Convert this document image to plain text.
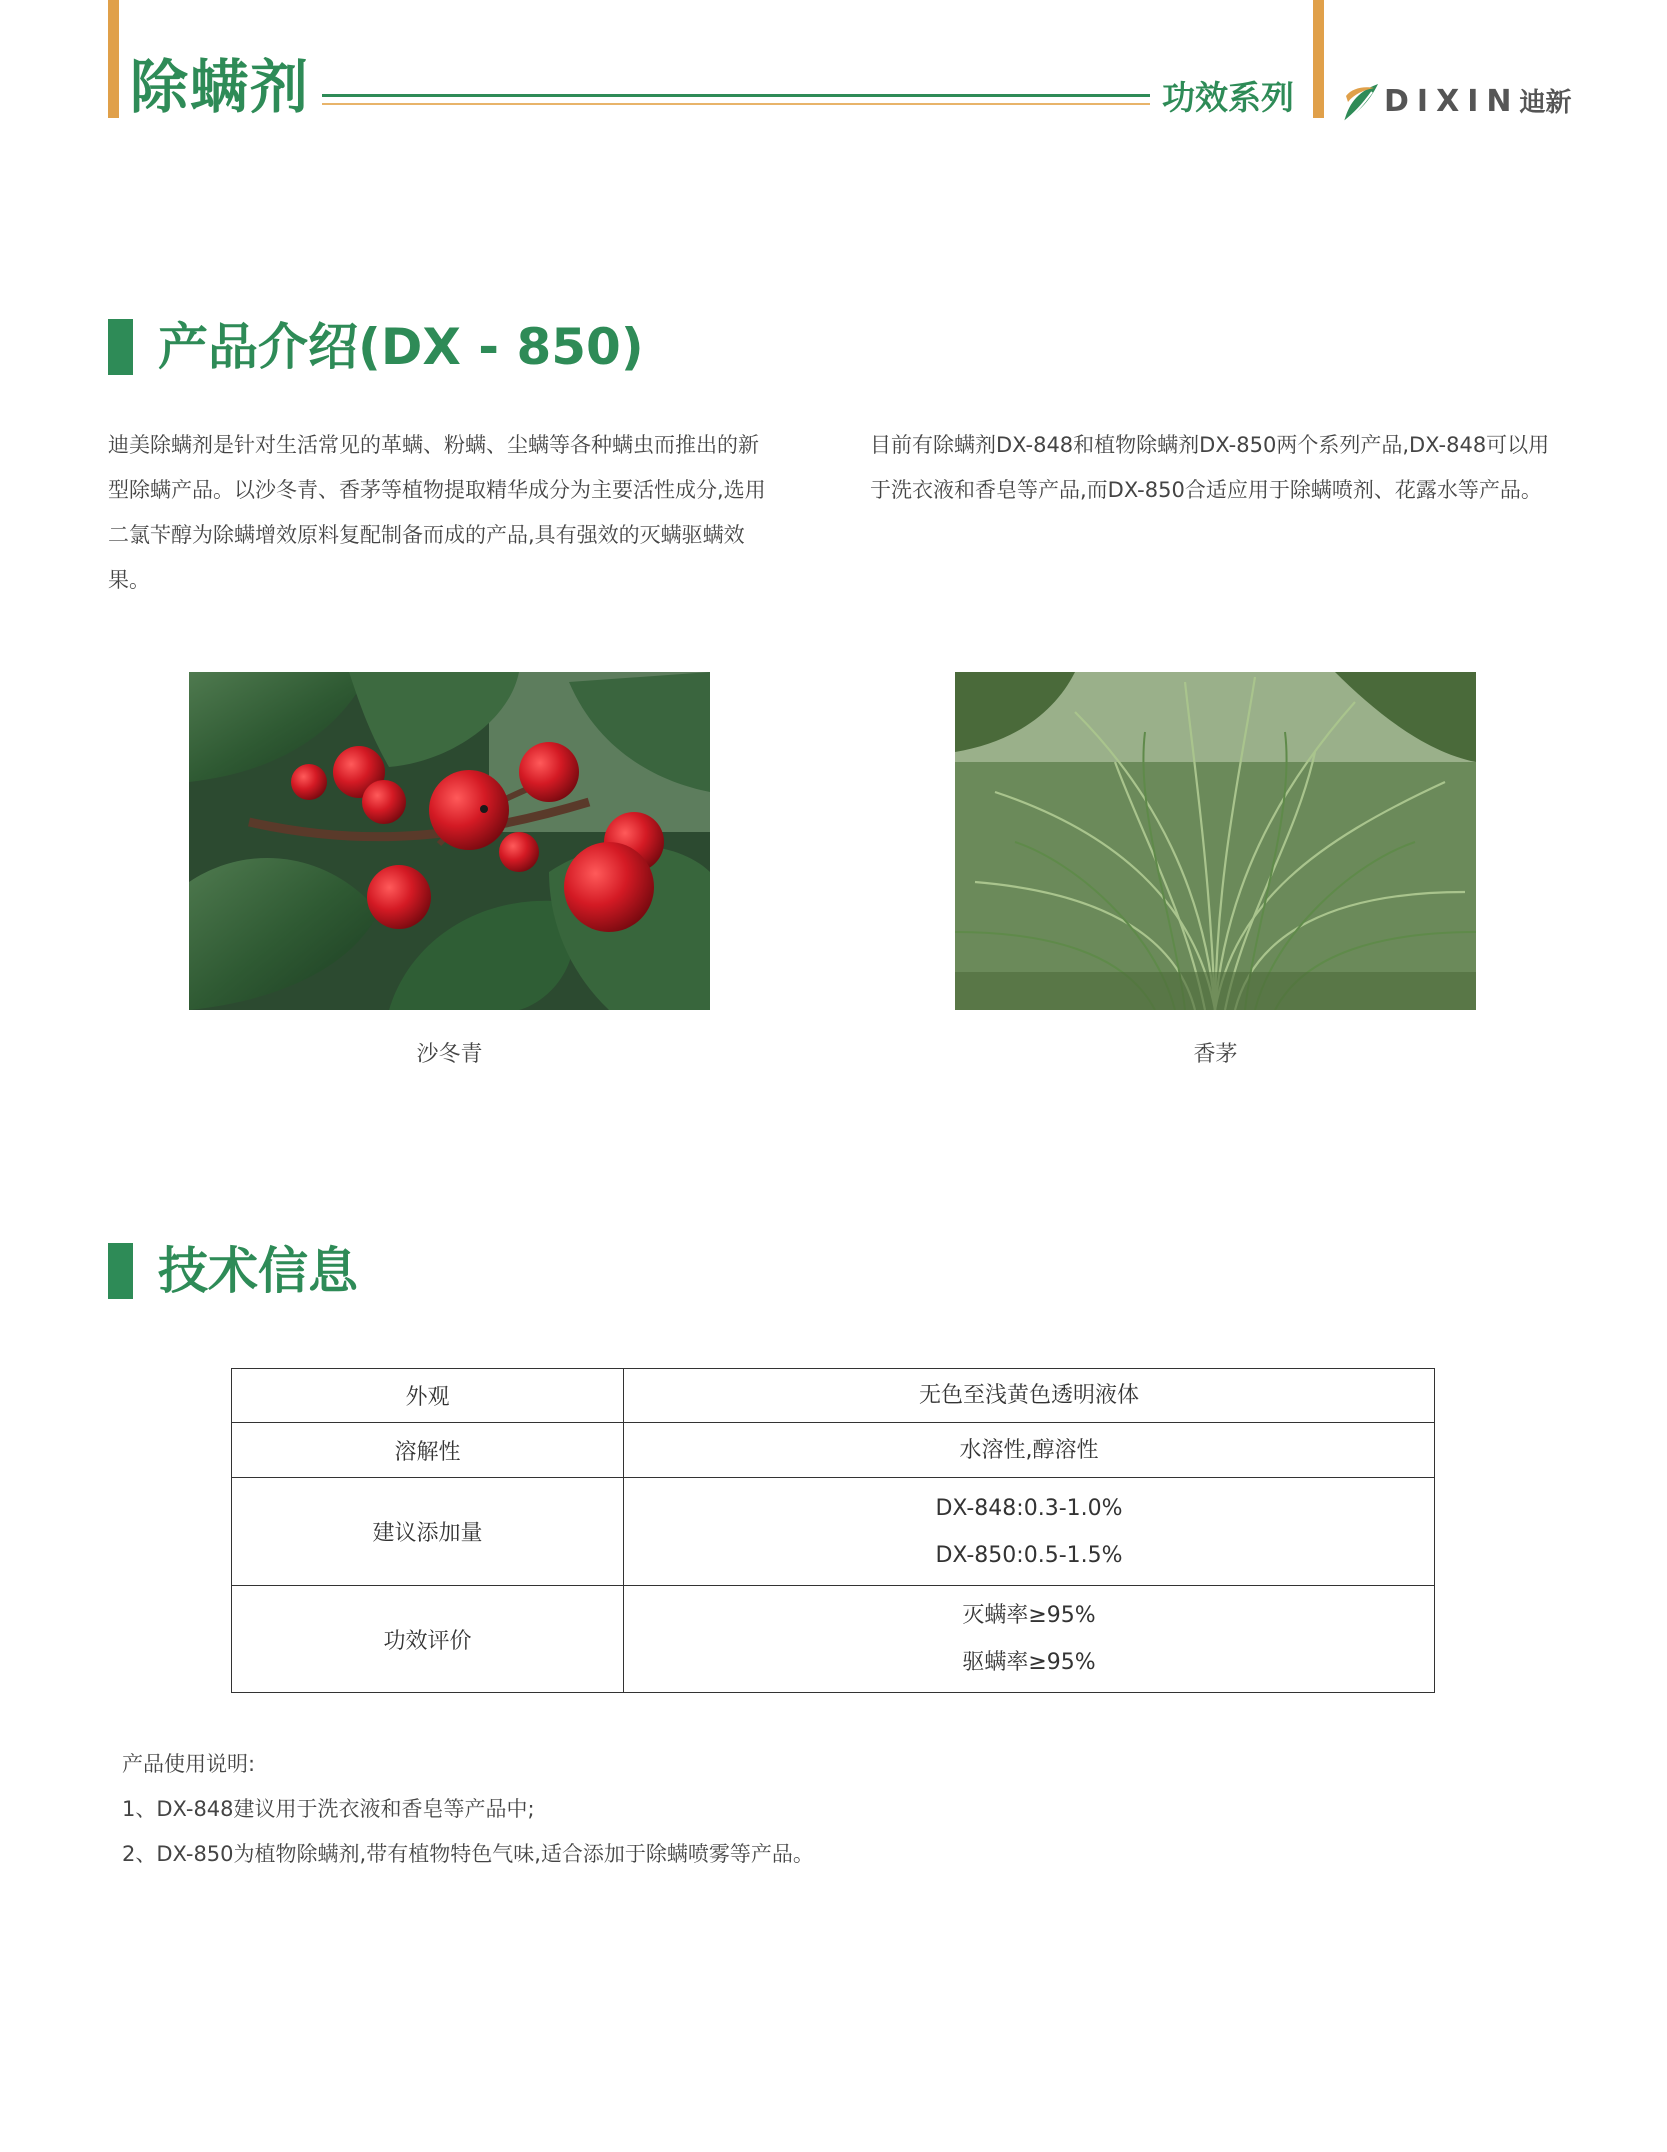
除螨剂	功效系列	DIXIN迪新
产品介绍(DX - 850)
迪美除螨剂是针对生活常见的革螨、粉螨、尘螨等各种螨虫而推出的新型除螨产品。以沙冬青、香茅等植物提取精华成分为主要活性成分,选用二氯苄醇为除螨增效原料复配制备而成的产品,具有强效的灭螨驱螨效果。
目前有除螨剂DX-848和植物除螨剂DX-850两个系列产品,DX-848可以用于洗衣液和香皂等产品,而DX-850合适应用于除螨喷剂、花露水等产品。
沙冬青	香茅
技术信息
外观	无色至浅黄色透明液体

溶解性	水溶性,醇溶性

建议添加量	DX-848:0.3-1.0%
DX-850:0.5-1.5%

功效评价	灭螨率≥95%
驱螨率≥95%
产品使用说明:
1、DX-848建议用于洗衣液和香皂等产品中;
2、DX-850为植物除螨剂,带有植物特色气味,适合添加于除螨喷雾等产品。
